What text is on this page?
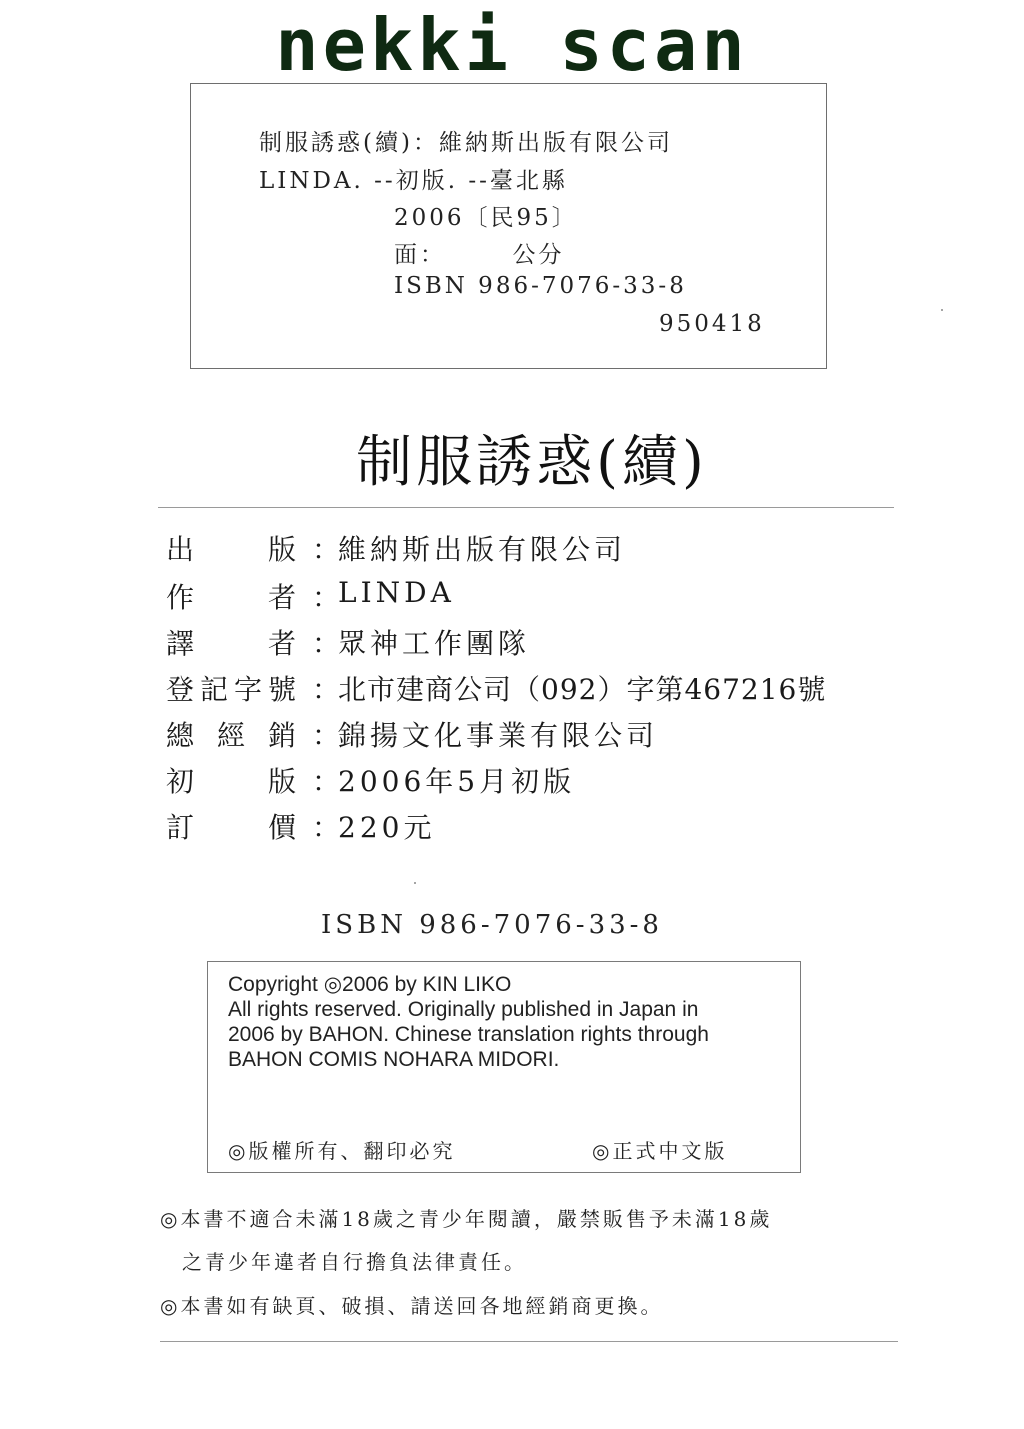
nekki scan
制服誘惑(續)：維納斯出版有限公司
LINDA. --初版. --臺北縣
2006〔民95〕
面：　　　公分
ISBN 986-7076-33-8
950418
制服誘惑(續)
出	版 ：
維納斯出版有限公司
作	者 ：
LINDA
譯	者 ：
眾神工作團隊
登 記 字 號 ：
北市建商公司（092）字第467216號
總 經 銷 ：
錦揚文化事業有限公司
初	版 ：
2006年5月初版
訂	價 ：
220元
ISBN 986-7076-33-8
Copyright ◎2006 by KIN LIKO
All rights reserved. Originally published in Japan in
2006 by BAHON. Chinese translation rights through
BAHON COMIS NOHARA MIDORI.
◎版權所有、翻印必究	◎正式中文版
◎本書不適合未滿18歲之青少年閱讀，嚴禁販售予未滿18歲
之青少年違者自行擔負法律責任。
◎本書如有缺頁、破損、請送回各地經銷商更換。
